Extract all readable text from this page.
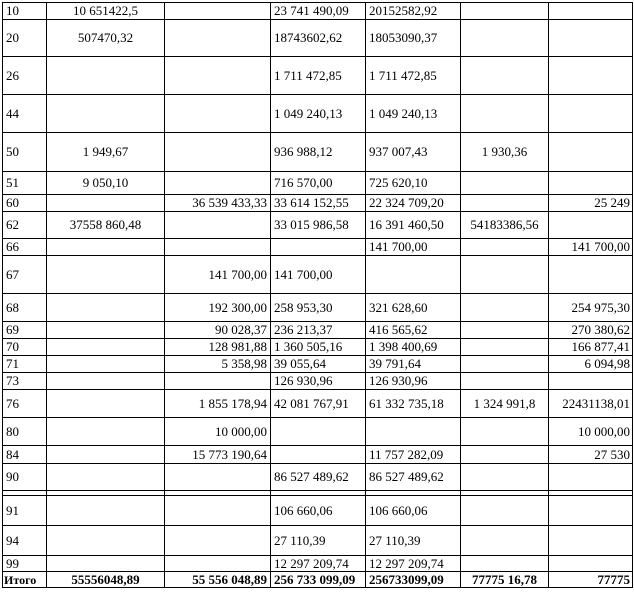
10	10 651422,5		23 741 490,09	20152582,92		
20	507470,32		18743602,62	18053090,37		
26			1 711 472,85	1 711 472,85		
44			1 049 240,13	1 049 240,13		
50	1 949,67		936 988,12	937 007,43	1 930,36	
51	9 050,10		716 570,00	725 620,10		
60		36 539 433,33	33 614 152,55	22 324 709,20		25 249
62	37558 860,48		33 015 986,58	16 391 460,50	54183386,56	
66				141 700,00		141 700,00
67		141 700,00	141 700,00			
68		192 300,00	258 953,30	321 628,60		254 975,30
69		90 028,37	236 213,37	416 565,62		270 380,62
70		128 981,88	1 360 505,16	1 398 400,69		166 877,41
71		5 358,98	39 055,64	39 791,64		6 094,98
73			126 930,96	126 930,96		
76		1 855 178,94	42 081 767,91	61 332 735,18	1 324 991,8	22431138,01
80		10 000,00				10 000,00
84		15 773 190,64		11 757 282,09		27 530
90			86 527 489,62	86 527 489,62		

91			106 660,06	106 660,06		
94			27 110,39	27 110,39		
99			12 297 209,74	12 297 209,74		
Итого	55556048,89	55 556 048,89	256 733 099,09	256733099,09	77775 16,78	77775
